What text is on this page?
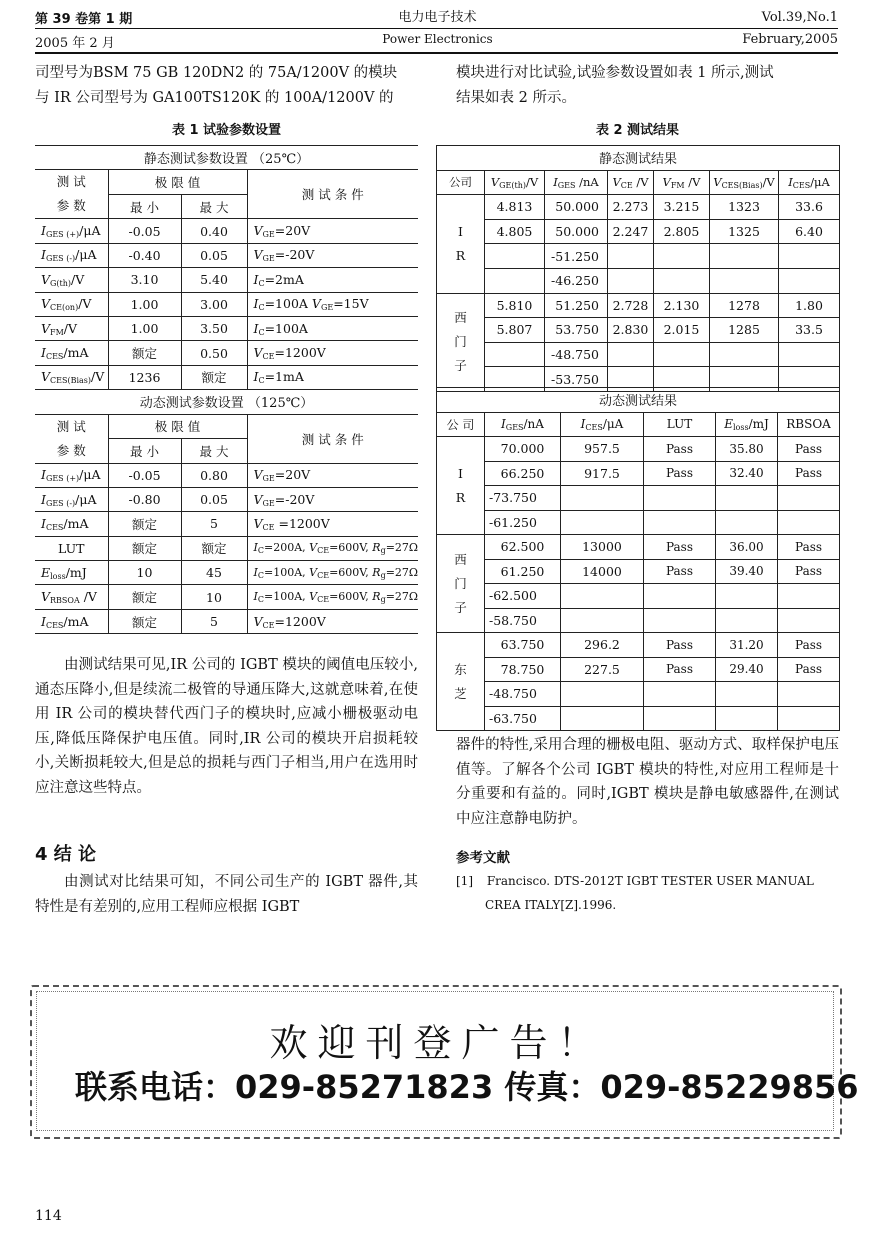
第 39 卷第 1 期
2005 年 2 月
电力电子技术
Power Electronics
Vol.39,No.1
February,2005

司型号为BSM 75 GB 120DN2 的 75A/1200V 的模块

与 IR 公司型号为 GA100TS120K 的 100A/1200V 的

模块进行对比试验,试验参数设置如表 1 所示,测试

结果如表 2 所示。

表 1 试验参数设置
静态测试参数设置 （25℃）			
测 试	极 限 值		测 试 条 件
参 数	最 小	最 大	
$I_{GES (+)}/\mu A$	-0.05	0.40	$V_{GE}=20V$
$I_{GES (-)}/\mu A$	-0.40	0.05	$V_{GE}=-20V$
$V_{G(th)}/V$	3.10	5.40	$I_C=2mA$
$V_{CE(on)}/V$	1.00	3.00	$I_C=100A$ $V_{GE}=15V$
$V_{FM}/V$	1.00	3.50	$I_C=100A$
$I_{CES}/mA$	额定	0.50	$V_{CE}=1200V$
$V_{CES(Bias)}/V$	1236	额定	$I_C=1mA$
动态测试参数设置 （125℃）			
测 试	极 限 值		测 试 条 件
参 数	最 小	最 大	
$I_{GES (+)}/\mu A$	-0.05	0.80	$V_{GE}=20V$
$I_{GES (-)}/\mu A$	-0.80	0.05	$V_{GE}=-20V$
$I_{CES}/mA$	额定	5	$V_{CE} =1200V$
LUT	额定	额定	$I_C=200A$, $V_{CE}=600V$, $R_g=27\Omega$
$E_{loss}/mJ$	10	45	$I_C=100A$, $V_{CE}=600V$, $R_g=27\Omega$
$V_{RBSOA}$ /V	额定	10	$I_C=100A$, $V_{CE}=600V$, $R_g=27\Omega$
$I_{CES}/mA$	额定	5	$V_{CE}=1200V$
表 2 测试结果
静态测试结果						
公司	$V_{GE(th)}/V$	$I_{GES}$ /nA	$V_{CE}$ /V	$V_{FM}$ /V	$V_{CES(Bias)}/V$	$I_{CES}/\mu A$
I
R	4.813	50.000	2.273	3.215	1323	33.6
	4.805	50.000	2.247	2.805	1325	6.40
		-51.250				
		-46.250				
西
门
子	5.810	51.250	2.728	2.130	1278	1.80
	5.807	53.750	2.830	2.015	1285	33.5
		-48.750				
		-53.750				
动态测试结果					
公 司	$I_{GES}/nA$	$I_{CES}/\mu A$	LUT	$E_{loss}/mJ$	RBSOA
I
R	70.000	957.5	Pass	35.80	Pass
	66.250	917.5	Pass	32.40	Pass
	-73.750				
	-61.250				
西
门
子	62.500	13000	Pass	36.00	Pass
	61.250	14000	Pass	39.40	Pass
	-62.500				
	-58.750				
东
芝	63.750	296.2	Pass	31.20	Pass
	78.750	227.5	Pass	29.40	Pass
	-48.750				
	-63.750				

由测试结果可见,IR 公司的 IGBT 模块的阈值电压较小,通态压降小,但是续流二极管的导通压降大,这就意味着,在使用 IR 公司的模块替代西门子的模块时,应减小栅极驱动电压,降低压降保护电压值。同时,IR 公司的模块开启损耗较小,关断损耗较大,但是总的损耗与西门子相当,用户在选用时应注意这些特点。

4 结 论

由测试对比结果可知，不同公司生产的 IGBT 器件,其特性是有差别的,应用工程师应根据 IGBT

器件的特性,采用合理的栅极电阻、驱动方式、取样保护电压值等。了解各个公司 IGBT 模块的特性,对应用工程师是十分重要和有益的。同时,IGBT 模块是静电敏感器件,在测试中应注意静电防护。

参考文献
[1] Francisco. DTS-2012T IGBT TESTER USER MANUAL
CREA ITALY[Z].1996.
欢迎刊登广告！
联系电话：029-85271823 传真：029-85229856
114
